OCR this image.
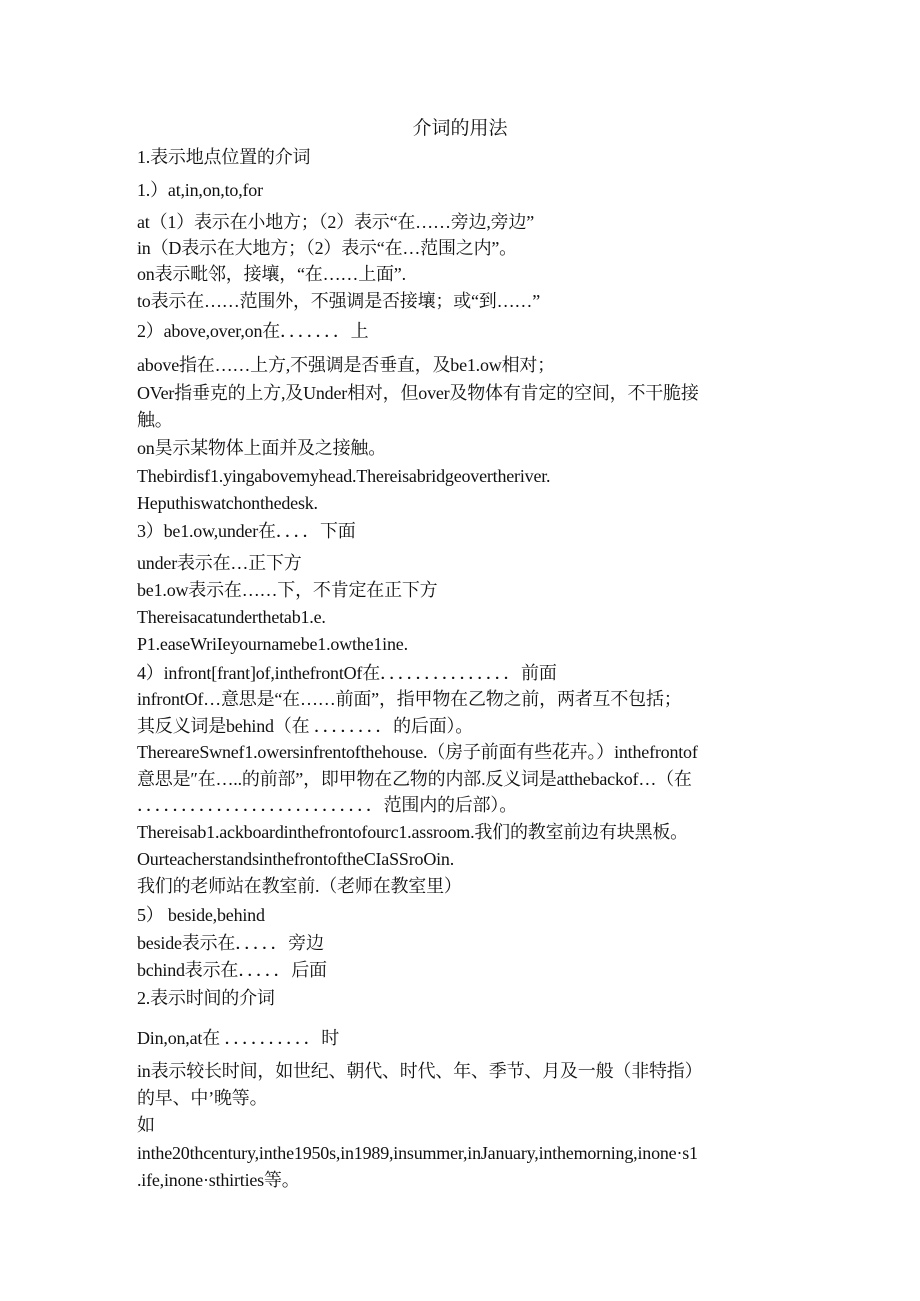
介词的用法
1.表示地点位置的介词
1.）at,in,on,to,for
at（1）表示在小地方；（2）表示“在……旁边,旁边”
in（D表示在大地方；（2）表示“在…范围之内”。
on表示毗邻，接壤，“在……上面”.
to表示在……范围外，不强调是否接壤；或“到……”
2）above,over,on在．．．．．．．上
above指在……上方,不强调是否垂直，及be1.ow相对；
OVer指垂克的上方,及Under相对，但over及物体有肯定的空间，不干脆接
触。
on昊示某物体上面并及之接触。
Thebirdisf1.yingabovemyhead.Thereisabridgeovertheriver.
Heputhiswatchonthedesk.
3）be1.ow,under在．．．．下面
under表示在…正下方
be1.ow表示在……下，不肯定在正下方
Thereisacatunderthetab1.e.
P1.easeWriIeyournamebe1.owthe1ine.
4）infront[frant]of,inthefrontOf在．．．．．．．．．．．．．．．前面
infrontOf…意思是“在……前面”，指甲物在乙物之前，两者互不包括；
其反义词是behind（在 ．．．．．．．．的后面）。
ThereareSwnef1.owersinfrentofthehouse.（房子前面有些花卉。）inthefrontof
意思是″在…..的前部”，即甲物在乙物的内部.反义词是atthebackof…（在
．．．．．．．．．．．．．．．．．．．．．．．．．．．范围内的后部）。
Thereisab1.ackboardinthefrontofourc1.assroom.我们的教室前边有块黑板。
OurteacherstandsinthefrontoftheCIaSSroOin.
我们的老师站在教室前.（老师在教室里）
5） beside,behind
beside表示在．．．．．旁边
bchind表示在．．．．．后面
2.表示时间的介词
Din,on,at在 ．．．．．．．．．．时
in表示较长时间，如世纪、朝代、时代、年、季节、月及一般（非特指）
的早、中’晚等。
如
inthe20thcentury,inthe1950s,in1989,insummer,inJanuary,inthemorning,inone·s1
.ife,inone·sthirties等。
